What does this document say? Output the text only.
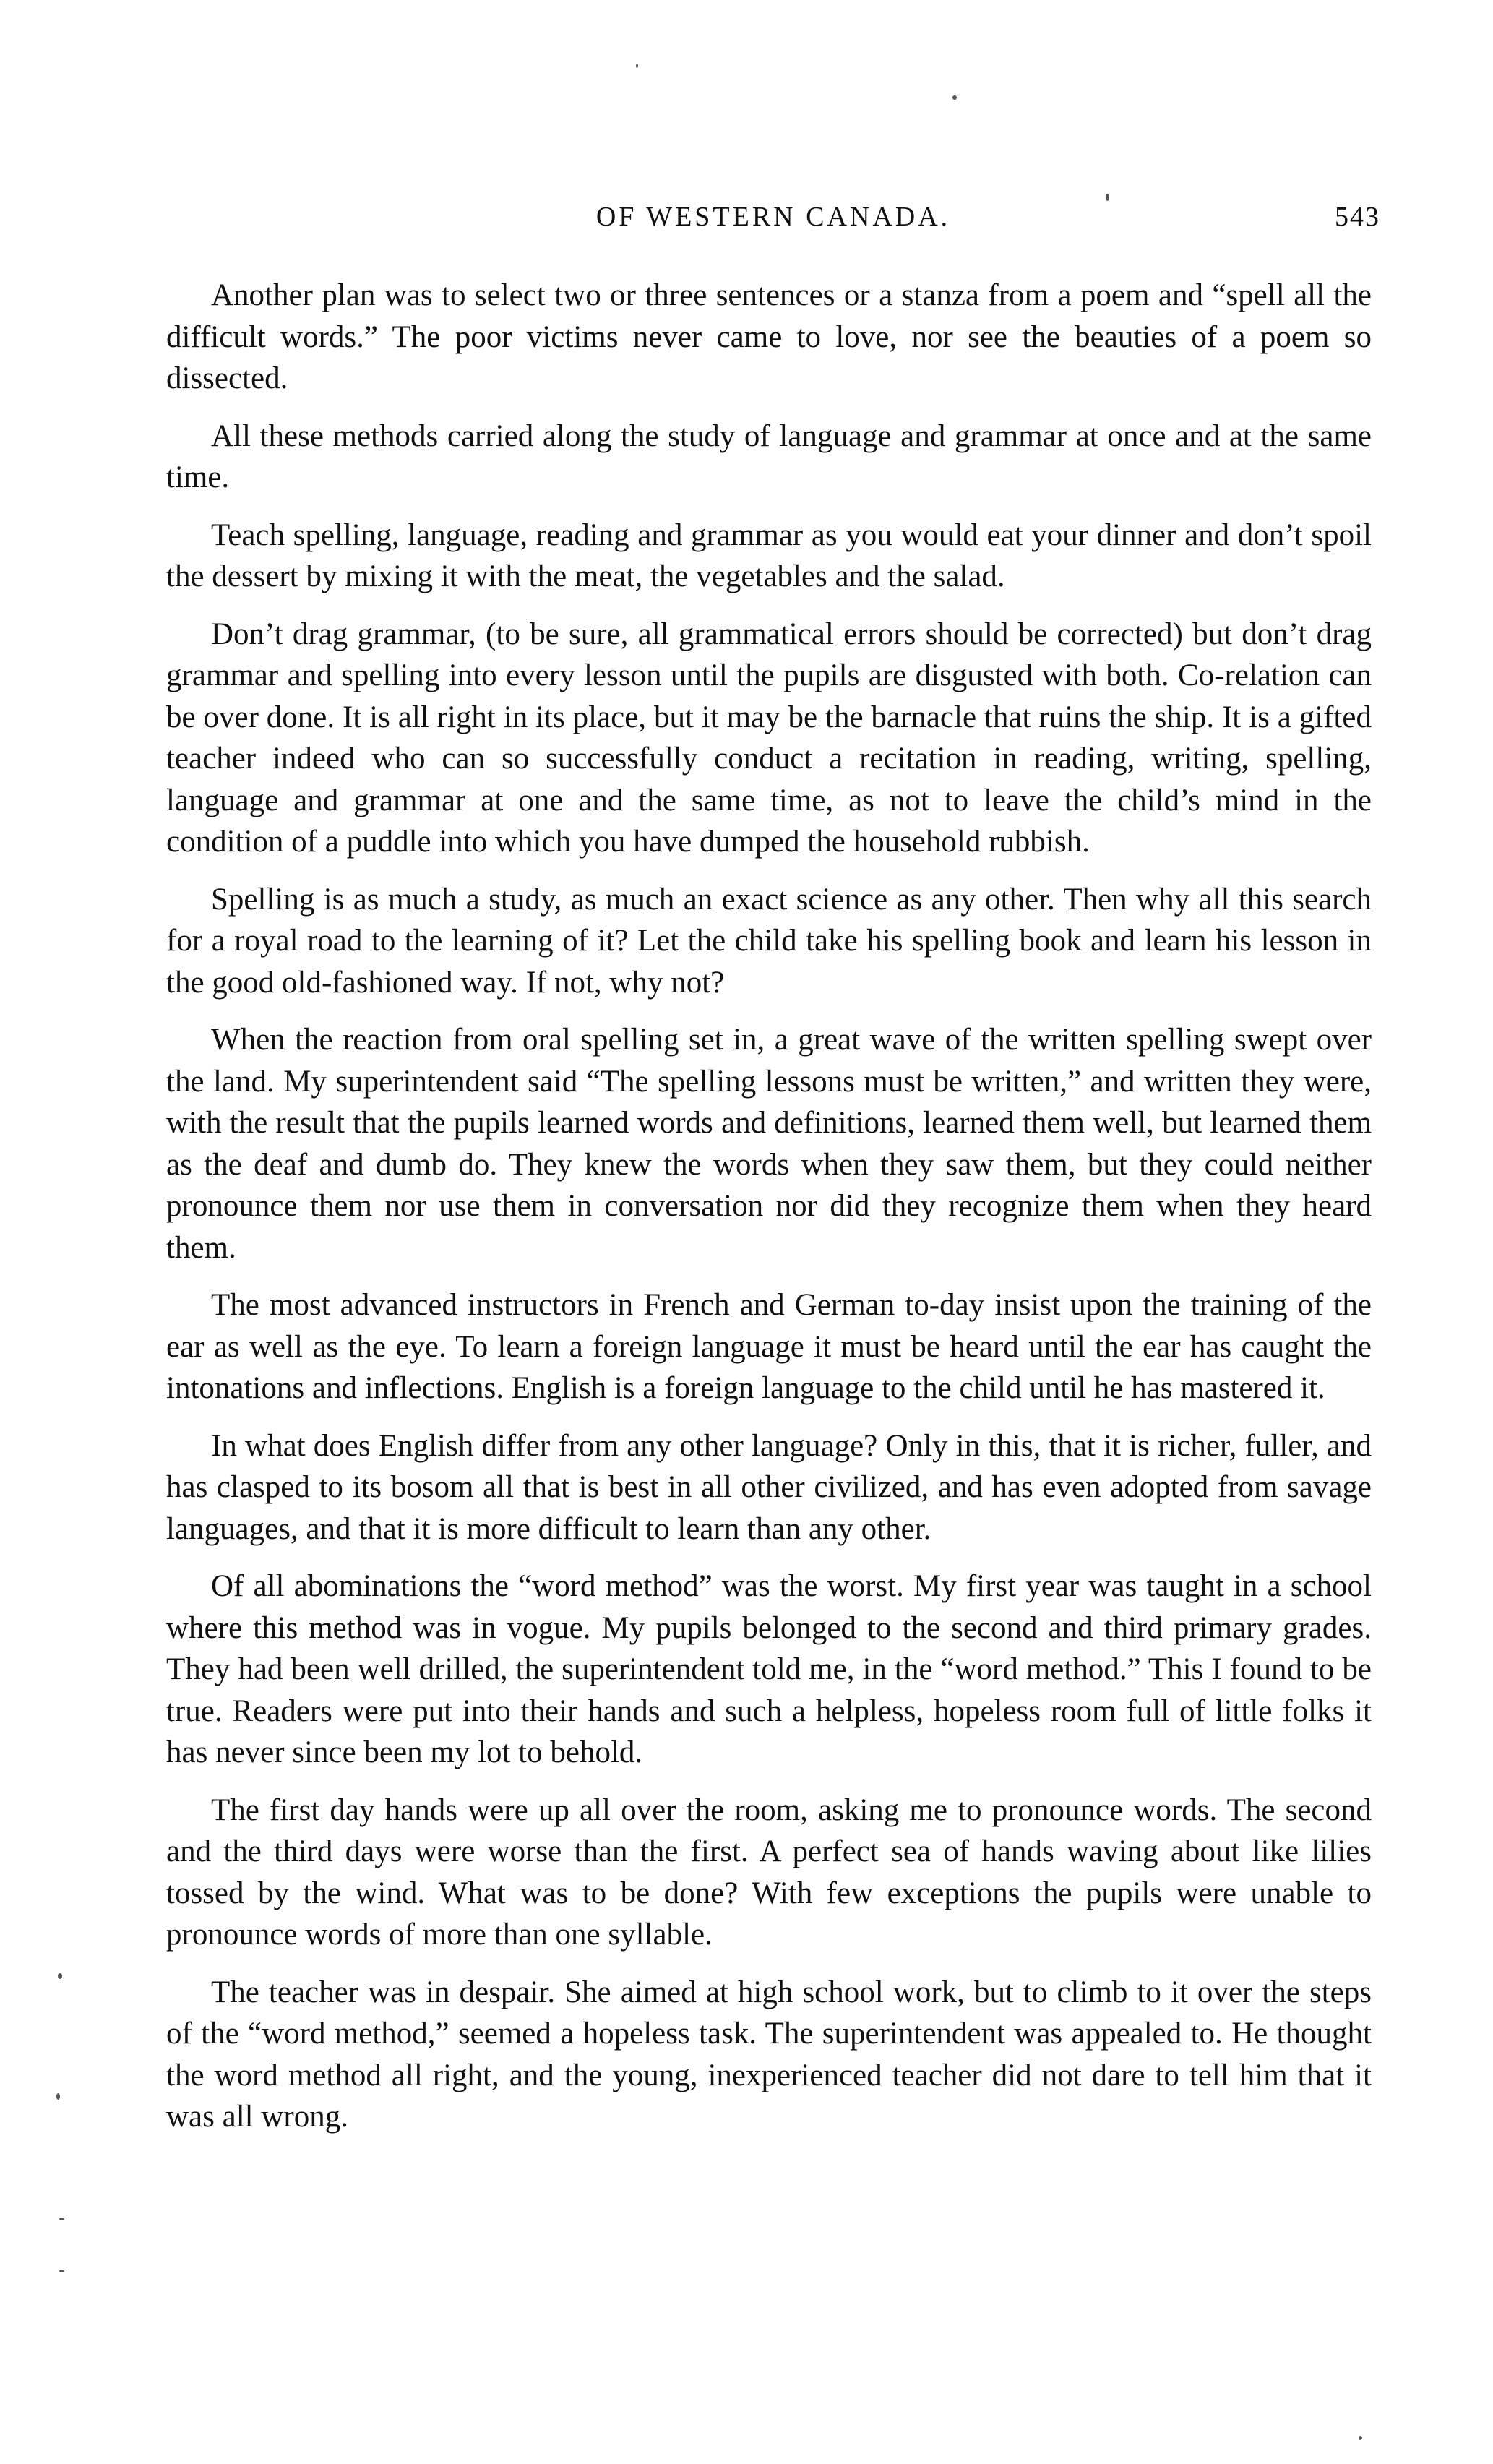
OF WESTERN CANADA.	543

Another plan was to select two or three sentences or a stanza from a poem and “spell all the difficult words.” The poor victims never came to love, nor see the beauties of a poem so dissected.

All these methods carried along the study of language and grammar at once and at the same time.

Teach spelling, language, reading and grammar as you would eat your dinner and don’t spoil the dessert by mixing it with the meat, the vegetables and the salad.

Don’t drag grammar, (to be sure, all grammatical errors should be corrected) but don’t drag grammar and spelling into every lesson until the pupils are disgusted with both. Co-relation can be over done. It is all right in its place, but it may be the barnacle that ruins the ship. It is a gifted teacher indeed who can so successfully conduct a recitation in reading, writing, spelling, language and grammar at one and the same time, as not to leave the child’s mind in the condition of a puddle into which you have dumped the household rubbish.

Spelling is as much a study, as much an exact science as any other. Then why all this search for a royal road to the learning of it? Let the child take his spelling book and learn his lesson in the good old-fashioned way. If not, why not?

When the reaction from oral spelling set in, a great wave of the written spelling swept over the land. My superintendent said “The spelling lessons must be written,” and written they were, with the result that the pupils learned words and definitions, learned them well, but learned them as the deaf and dumb do. They knew the words when they saw them, but they could neither pronounce them nor use them in conversation nor did they recognize them when they heard them.

The most advanced instructors in French and German to-day insist upon the training of the ear as well as the eye. To learn a foreign language it must be heard until the ear has caught the intonations and inflections. English is a foreign language to the child until he has mastered it.

In what does English differ from any other language? Only in this, that it is richer, fuller, and has clasped to its bosom all that is best in all other civilized, and has even adopted from savage languages, and that it is more difficult to learn than any other.

Of all abominations the “word method” was the worst. My first year was taught in a school where this method was in vogue. My pupils belonged to the second and third primary grades. They had been well drilled, the superintendent told me, in the “word method.” This I found to be true. Readers were put into their hands and such a helpless, hopeless room full of little folks it has never since been my lot to behold.

The first day hands were up all over the room, asking me to pronounce words. The second and the third days were worse than the first. A perfect sea of hands waving about like lilies tossed by the wind. What was to be done? With few exceptions the pupils were unable to pronounce words of more than one syllable.

The teacher was in despair. She aimed at high school work, but to climb to it over the steps of the “word method,” seemed a hopeless task. The superintendent was appealed to. He thought the word method all right, and the young, inexperienced teacher did not dare to tell him that it was all wrong.
